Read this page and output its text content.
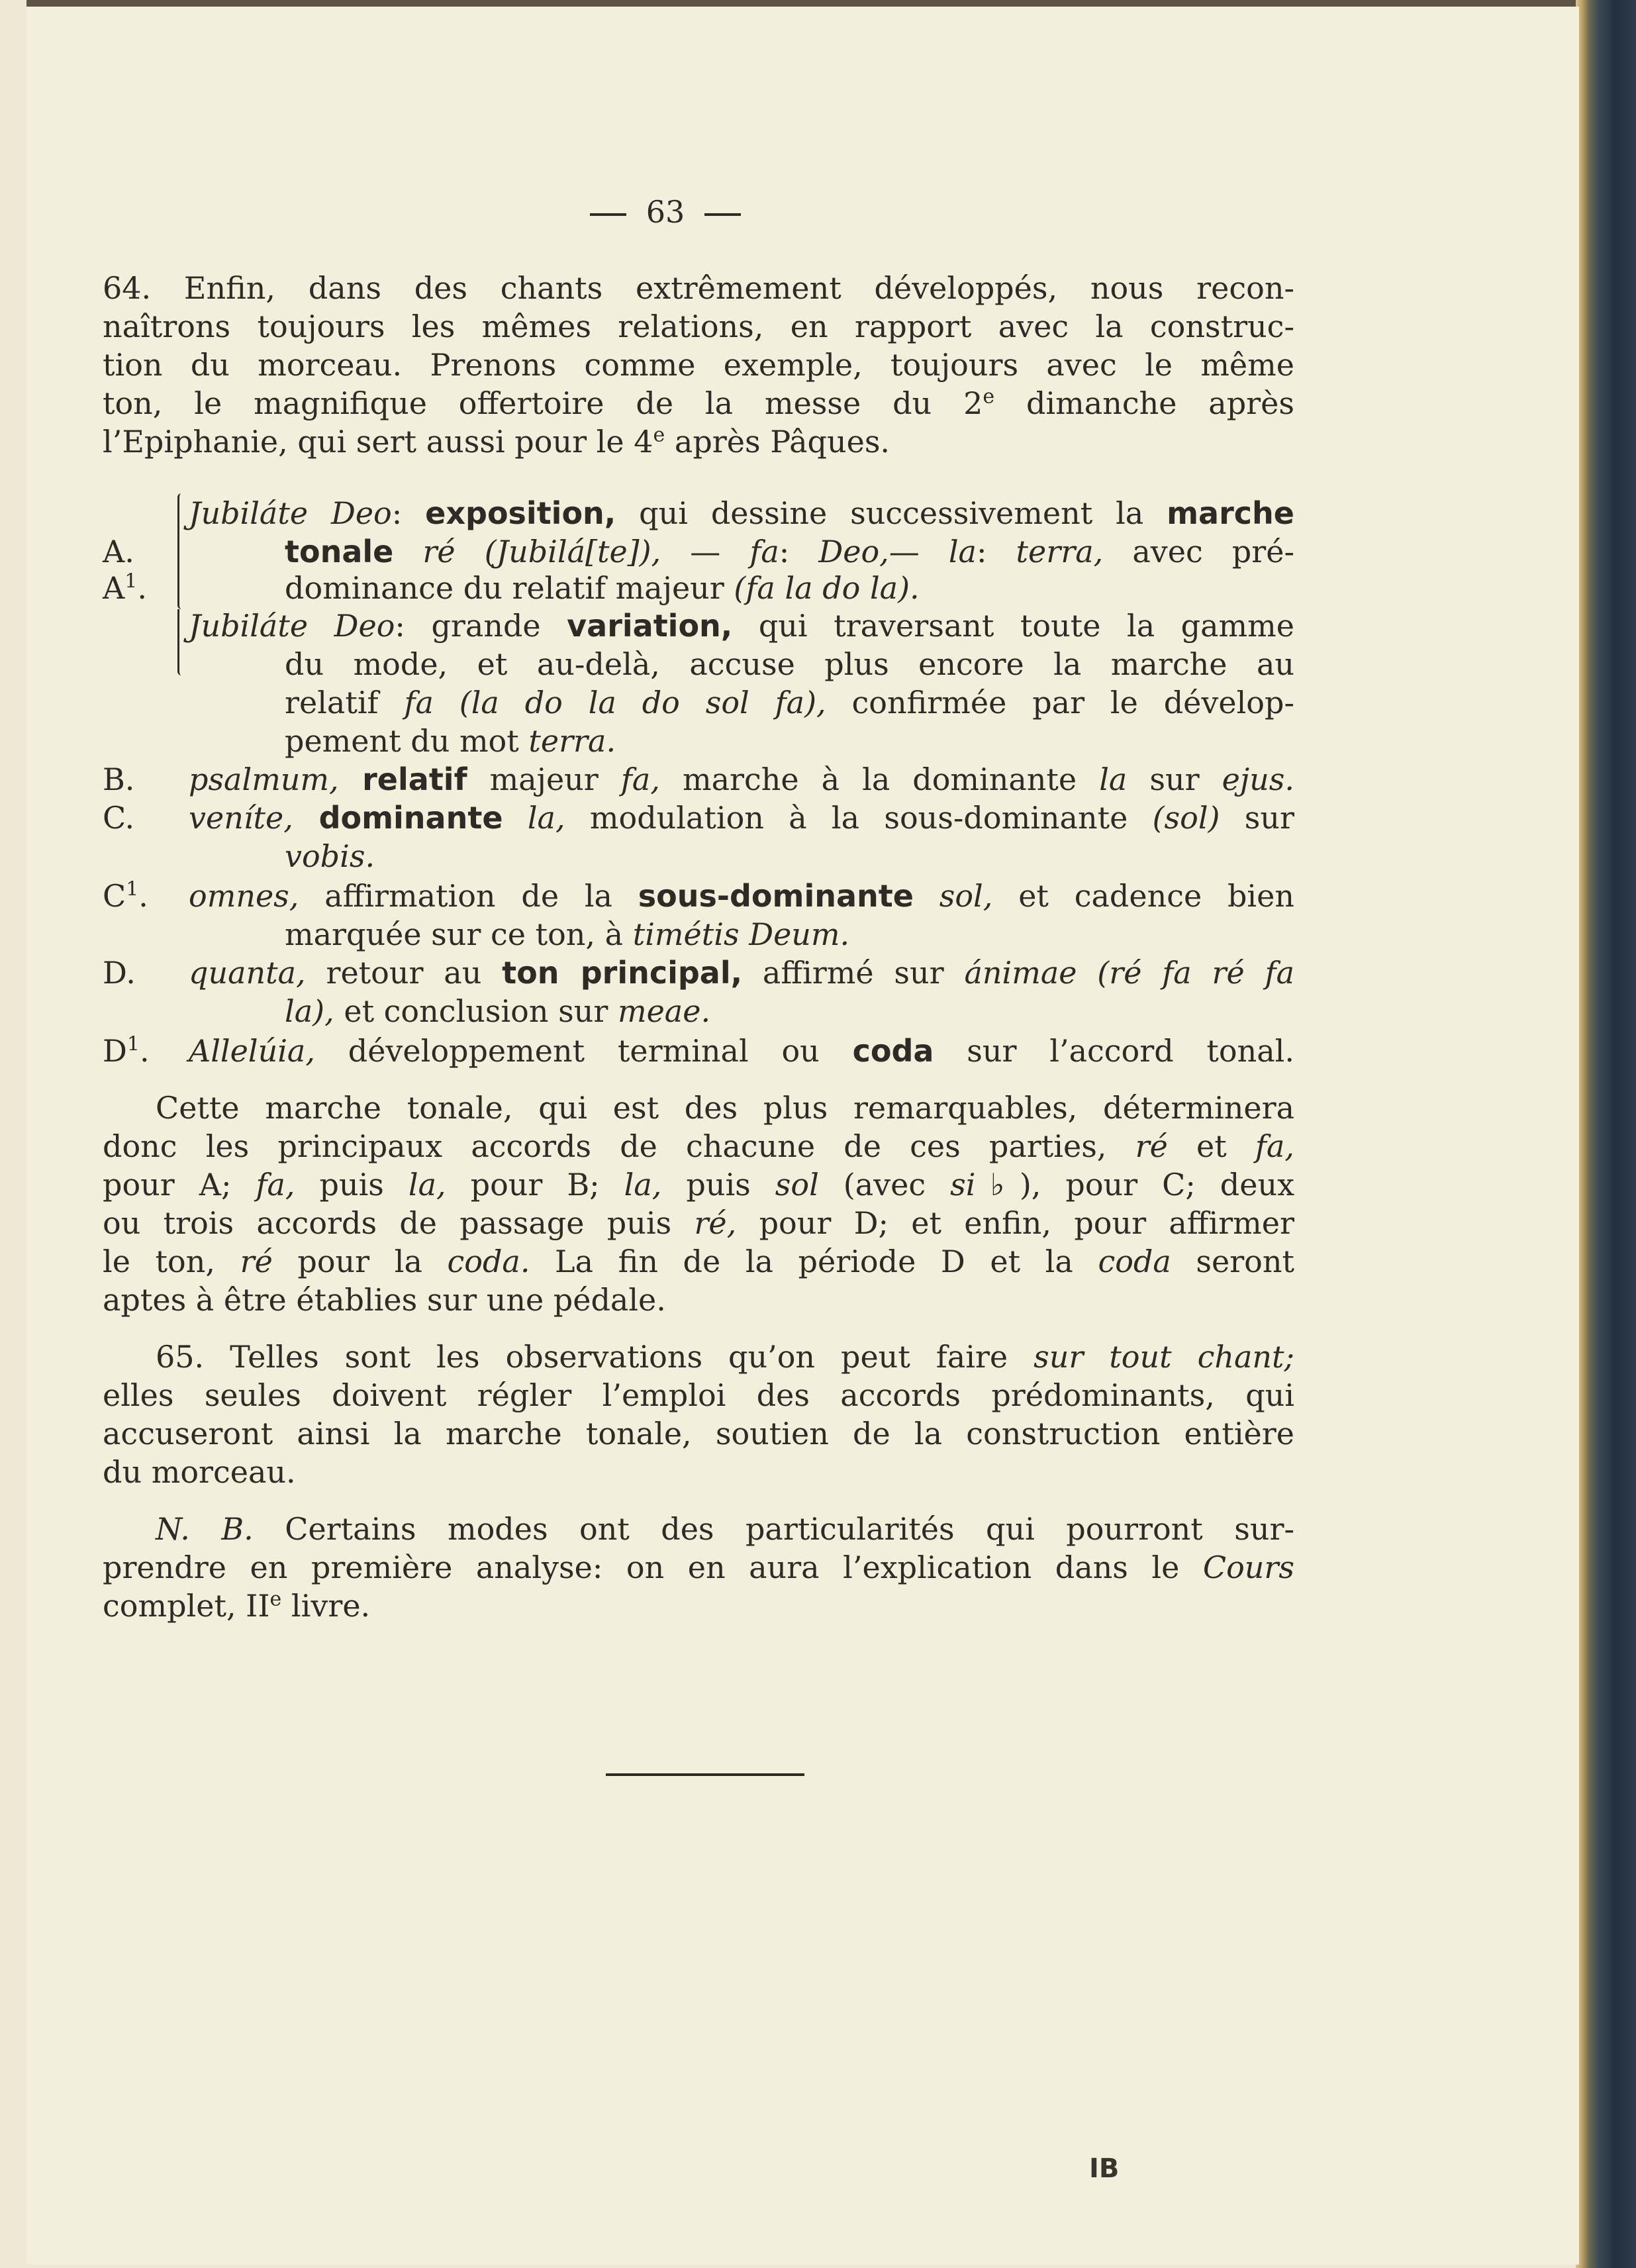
63
64. Enfin, dans des chants extrêmement développés, nous recon-
naîtrons toujours les mêmes relations, en rapport avec la construc-
tion du morceau. Prenons comme exemple, toujours avec le même
ton, le magnifique offertoire de la messe du 2e dimanche après
l’Epiphanie, qui sert aussi pour le 4e après Pâques.
A.
$A^1$.
Jubiláte Deo: exposition, qui dessine successivement la marche
tonale ré (Jubilá[te]), — fa: Deo,— la: terra, avec pré-
dominance du relatif majeur (fa la do la).
Jubiláte Deo: grande variation, qui traversant toute la gamme
du mode, et au-delà, accuse plus encore la marche au
relatif fa (la do la do sol fa), confirmée par le dévelop-
pement du mot terra.
B. psalmum, relatif majeur fa, marche à la dominante la sur ejus.
C. veníte, dominante la, modulation à la sous-dominante (sol) sur
vobis.
$C^1$. omnes, affirmation de la sous-dominante sol, et cadence bien
marquée sur ce ton, à timétis Deum.
D. quanta, retour au ton principal, affirmé sur ánimae (ré fa ré fa
la), et conclusion sur meae.
$D^1$. Allelúia, développement terminal ou coda sur l’accord tonal.
Cette marche tonale, qui est des plus remarquables, déterminera
donc les principaux accords de chacune de ces parties, ré et fa,
pour A; fa, puis la, pour B; la, puis sol (avec si♭), pour C; deux
ou trois accords de passage puis ré, pour D; et enfin, pour affirmer
le ton, ré pour la coda. La fin de la période D et la coda seront
aptes à être établies sur une pédale.
65. Telles sont les observations qu’on peut faire sur tout chant;
elles seules doivent régler l’emploi des accords prédominants, qui
accuseront ainsi la marche tonale, soutien de la construction entière
du morceau.
N. B. Certains modes ont des particularités qui pourront sur-
prendre en première analyse: on en aura l’explication dans le Cours
complet, IIe livre.
IB
